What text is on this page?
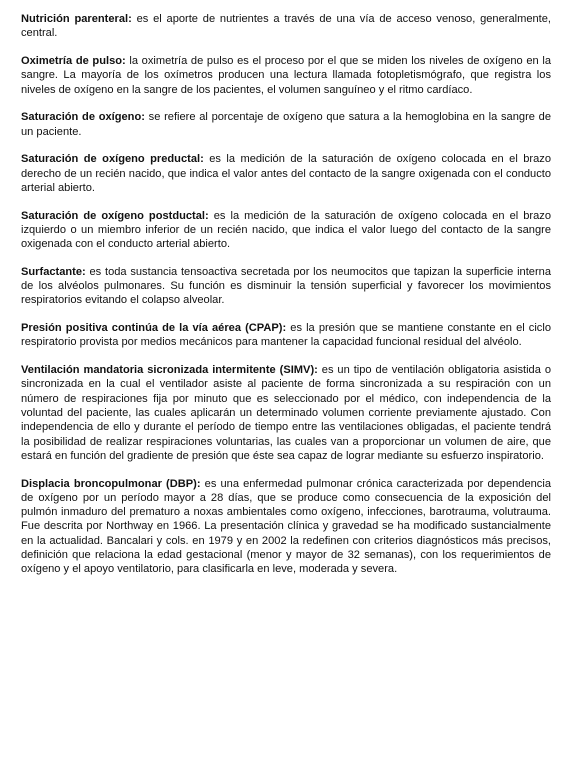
Nutrición parenteral: es el aporte de nutrientes a través de una vía de acceso venoso, generalmente, central.

Oximetría de pulso: la oximetría de pulso es el proceso por el que se miden los niveles de oxígeno en la sangre. La mayoría de los oxímetros producen una lectura llamada fotopletismógrafo, que registra los niveles de oxígeno en la sangre de los pacientes, el volumen sanguíneo y el ritmo cardíaco.

Saturación de oxígeno: se refiere al porcentaje de oxígeno que satura a la hemoglobina en la sangre de un paciente.

Saturación de oxígeno preductal: es la medición de la saturación de oxígeno colocada en el brazo derecho de un recién nacido, que indica el valor antes del contacto de la sangre oxigenada con el conducto arterial abierto.

Saturación de oxígeno postductal: es la medición de la saturación de oxígeno colocada en el brazo izquierdo o un miembro inferior de un recién nacido, que indica el valor luego del contacto de la sangre oxigenada con el conducto arterial abierto.

Surfactante: es toda sustancia tensoactiva secretada por los neumocitos que tapizan la superficie interna de los alvéolos pulmonares. Su función es disminuir la tensión superficial y favorecer los movimientos respiratorios evitando el colapso alveolar.

Presión positiva continúa de la vía aérea (CPAP): es la presión que se mantiene constante en el ciclo respiratorio provista por medios mecánicos para mantener la capacidad funcional residual del alvéolo.

Ventilación mandatoria sicronizada intermitente (SIMV): es un tipo de ventilación obligatoria asistida o sincronizada en la cual el ventilador asiste al paciente de forma sincronizada a su respiración con un número de respiraciones fija por minuto que es seleccionado por el médico, con independencia de la voluntad del paciente, las cuales aplicarán un determinado volumen corriente previamente ajustado. Con independencia de ello y durante el período de tiempo entre las ventilaciones obligadas, el paciente tendrá la posibilidad de realizar respiraciones voluntarias, las cuales van a proporcionar un volumen de aire, que estará en función del gradiente de presión que éste sea capaz de lograr mediante su esfuerzo inspiratorio.

Displacia broncopulmonar (DBP): es una enfermedad pulmonar crónica caracterizada por dependencia de oxígeno por un período mayor a 28 días, que se produce como consecuencia de la exposición del pulmón inmaduro del prematuro a noxas ambientales como oxígeno, infecciones, barotrauma, volutrauma. Fue descrita por Northway en 1966. La presentación clínica y gravedad se ha modificado sustancialmente en la actualidad. Bancalari y cols. en 1979 y en 2002 la redefinen con criterios diagnósticos más precisos, definición que relaciona la edad gestacional (menor y mayor de 32 semanas), con los requerimientos de oxígeno y el apoyo ventilatorio, para clasificarla en leve, moderada y severa.
